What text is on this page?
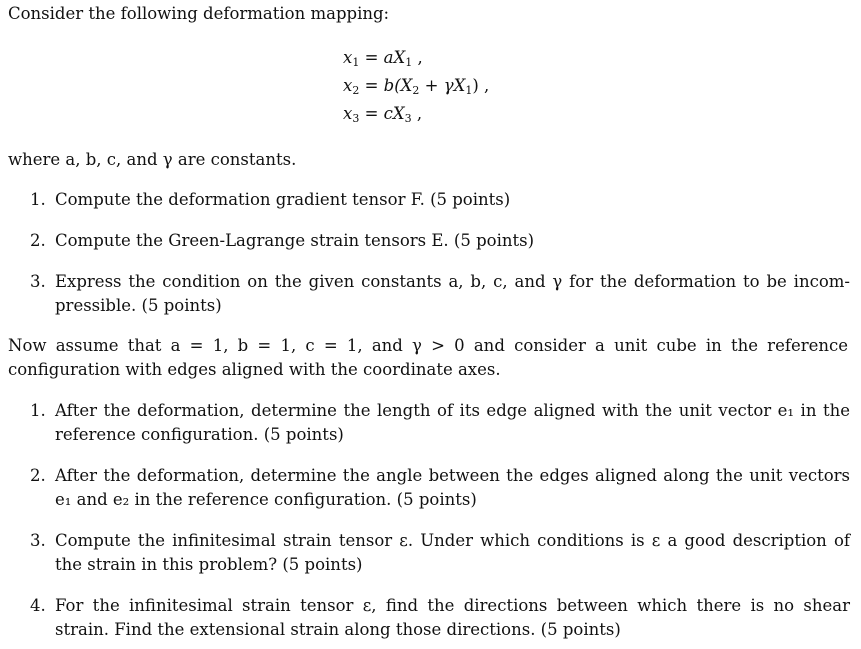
Consider the following deformation mapping:
$x_1 = aX_1$ ,
$x_2 = b(X_2 + \gamma X_1)$ ,
$x_3 = cX_3$ ,
where a, b, c, and γ are constants.
1. Compute the deformation gradient tensor F. (5 points)
2. Compute the Green-Lagrange strain tensors E. (5 points)
3. Express the condition on the given constants a, b, c, and γ for the deformation to be incom- pressible. (5 points)
Now assume that a = 1, b = 1, c = 1, and γ > 0 and consider a unit cube in the reference configuration with edges aligned with the coordinate axes.
1. After the deformation, determine the length of its edge aligned with the unit vector e₁ in the reference configuration. (5 points)
2. After the deformation, determine the angle between the edges aligned along the unit vectors e₁ and e₂ in the reference configuration. (5 points)
3. Compute the infinitesimal strain tensor ε. Under which conditions is ε a good description of the strain in this problem? (5 points)
4. For the infinitesimal strain tensor ε, find the directions between which there is no shear strain. Find the extensional strain along those directions. (5 points)
